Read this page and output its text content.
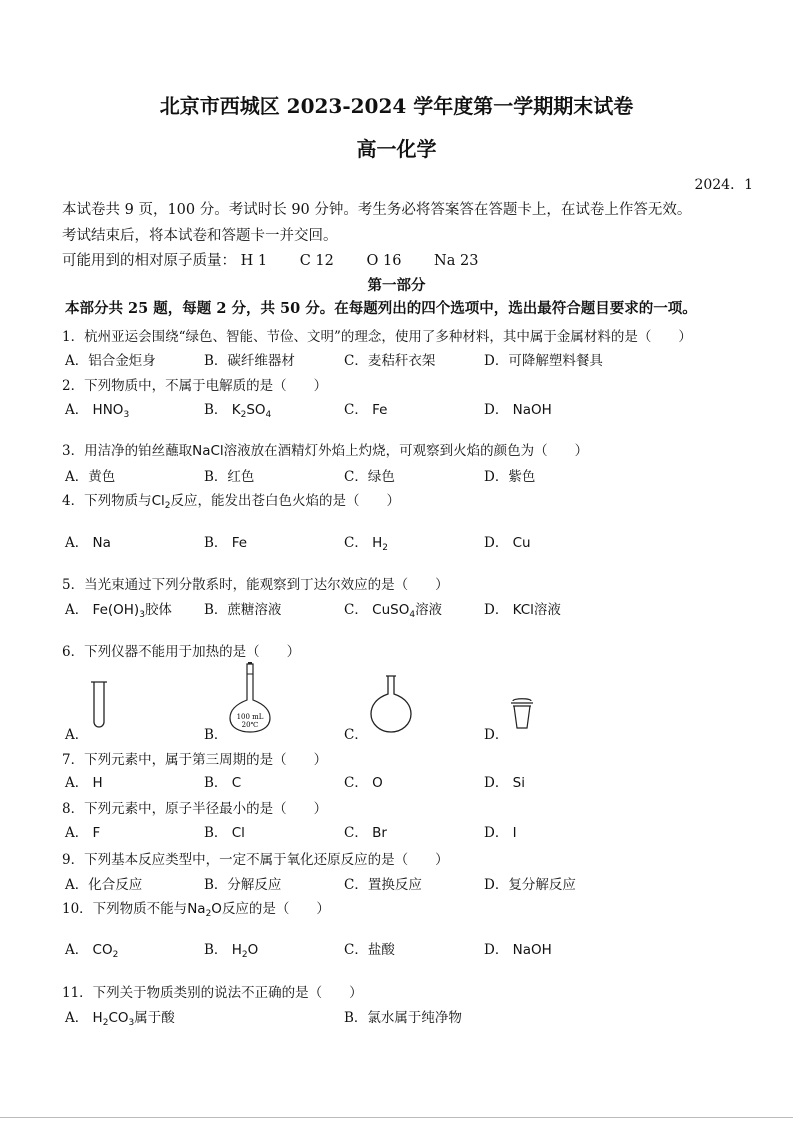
北京市西城区 2023-2024 学年度第一学期期末试卷
高一化学
2024．1
本试卷共 9 页，100 分。考试时长 90 分钟。考生务必将答案答在答题卡上，在试卷上作答无效。
考试结束后，将本试卷和答题卡一并交回。
可能用到的相对原子质量： H 1 C 12 O 16 Na 23
第一部分
本部分共 25 题，每题 2 分，共 50 分。在每题列出的四个选项中，选出最符合题目要求的一项。
1．杭州亚运会围绕“绿色、智能、节俭、文明”的理念，使用了多种材料，其中属于金属材料的是（　　）
A．铝合金炬身	B．碳纤维器材	C．麦秸秆衣架	D．可降解塑料餐具
2．下列物质中，不属于电解质的是（　　）
A． $HNO_3$	B． $K_2SO_4$	C． Fe	D． NaOH
3．用洁净的铂丝蘸取NaCl溶液放在酒精灯外焰上灼烧，可观察到火焰的颜色为（　　）
A．黄色	B．红色	C．绿色	D．紫色
4．下列物质与$Cl_2$反应，能发出苍白色火焰的是（　　）
A． Na	B． Fe	C． $H_2$	D． Cu
5．当光束通过下列分散系时，能观察到丁达尔效应的是（　　）
A． $Fe(OH)_3$胶体 B．蔗糖溶液	C． CuSO$_4$溶液	D． KCl溶液
6．下列仪器不能用于加热的是（　　）
A．	B．	C．	D．
100 mL
20℃
7．下列元素中，属于第三周期的是（　　）
A． H	B． C	C． O	D． Si
8．下列元素中，原子半径最小的是（　　）
A． F	B． Cl	C． Br	D． I
9．下列基本反应类型中，一定不属于氧化还原反应的是（　　）
A．化合反应	B．分解反应	C．置换反应	D．复分解反应
10．下列物质不能与$Na_2O$反应的是（　　）
A． $CO_2$	B． $H_2O$	C．盐酸	D． NaOH
11．下列关于物质类别的说法不正确的是（　　）
A． $H_2CO_3$属于酸	B．氯水属于纯净物
